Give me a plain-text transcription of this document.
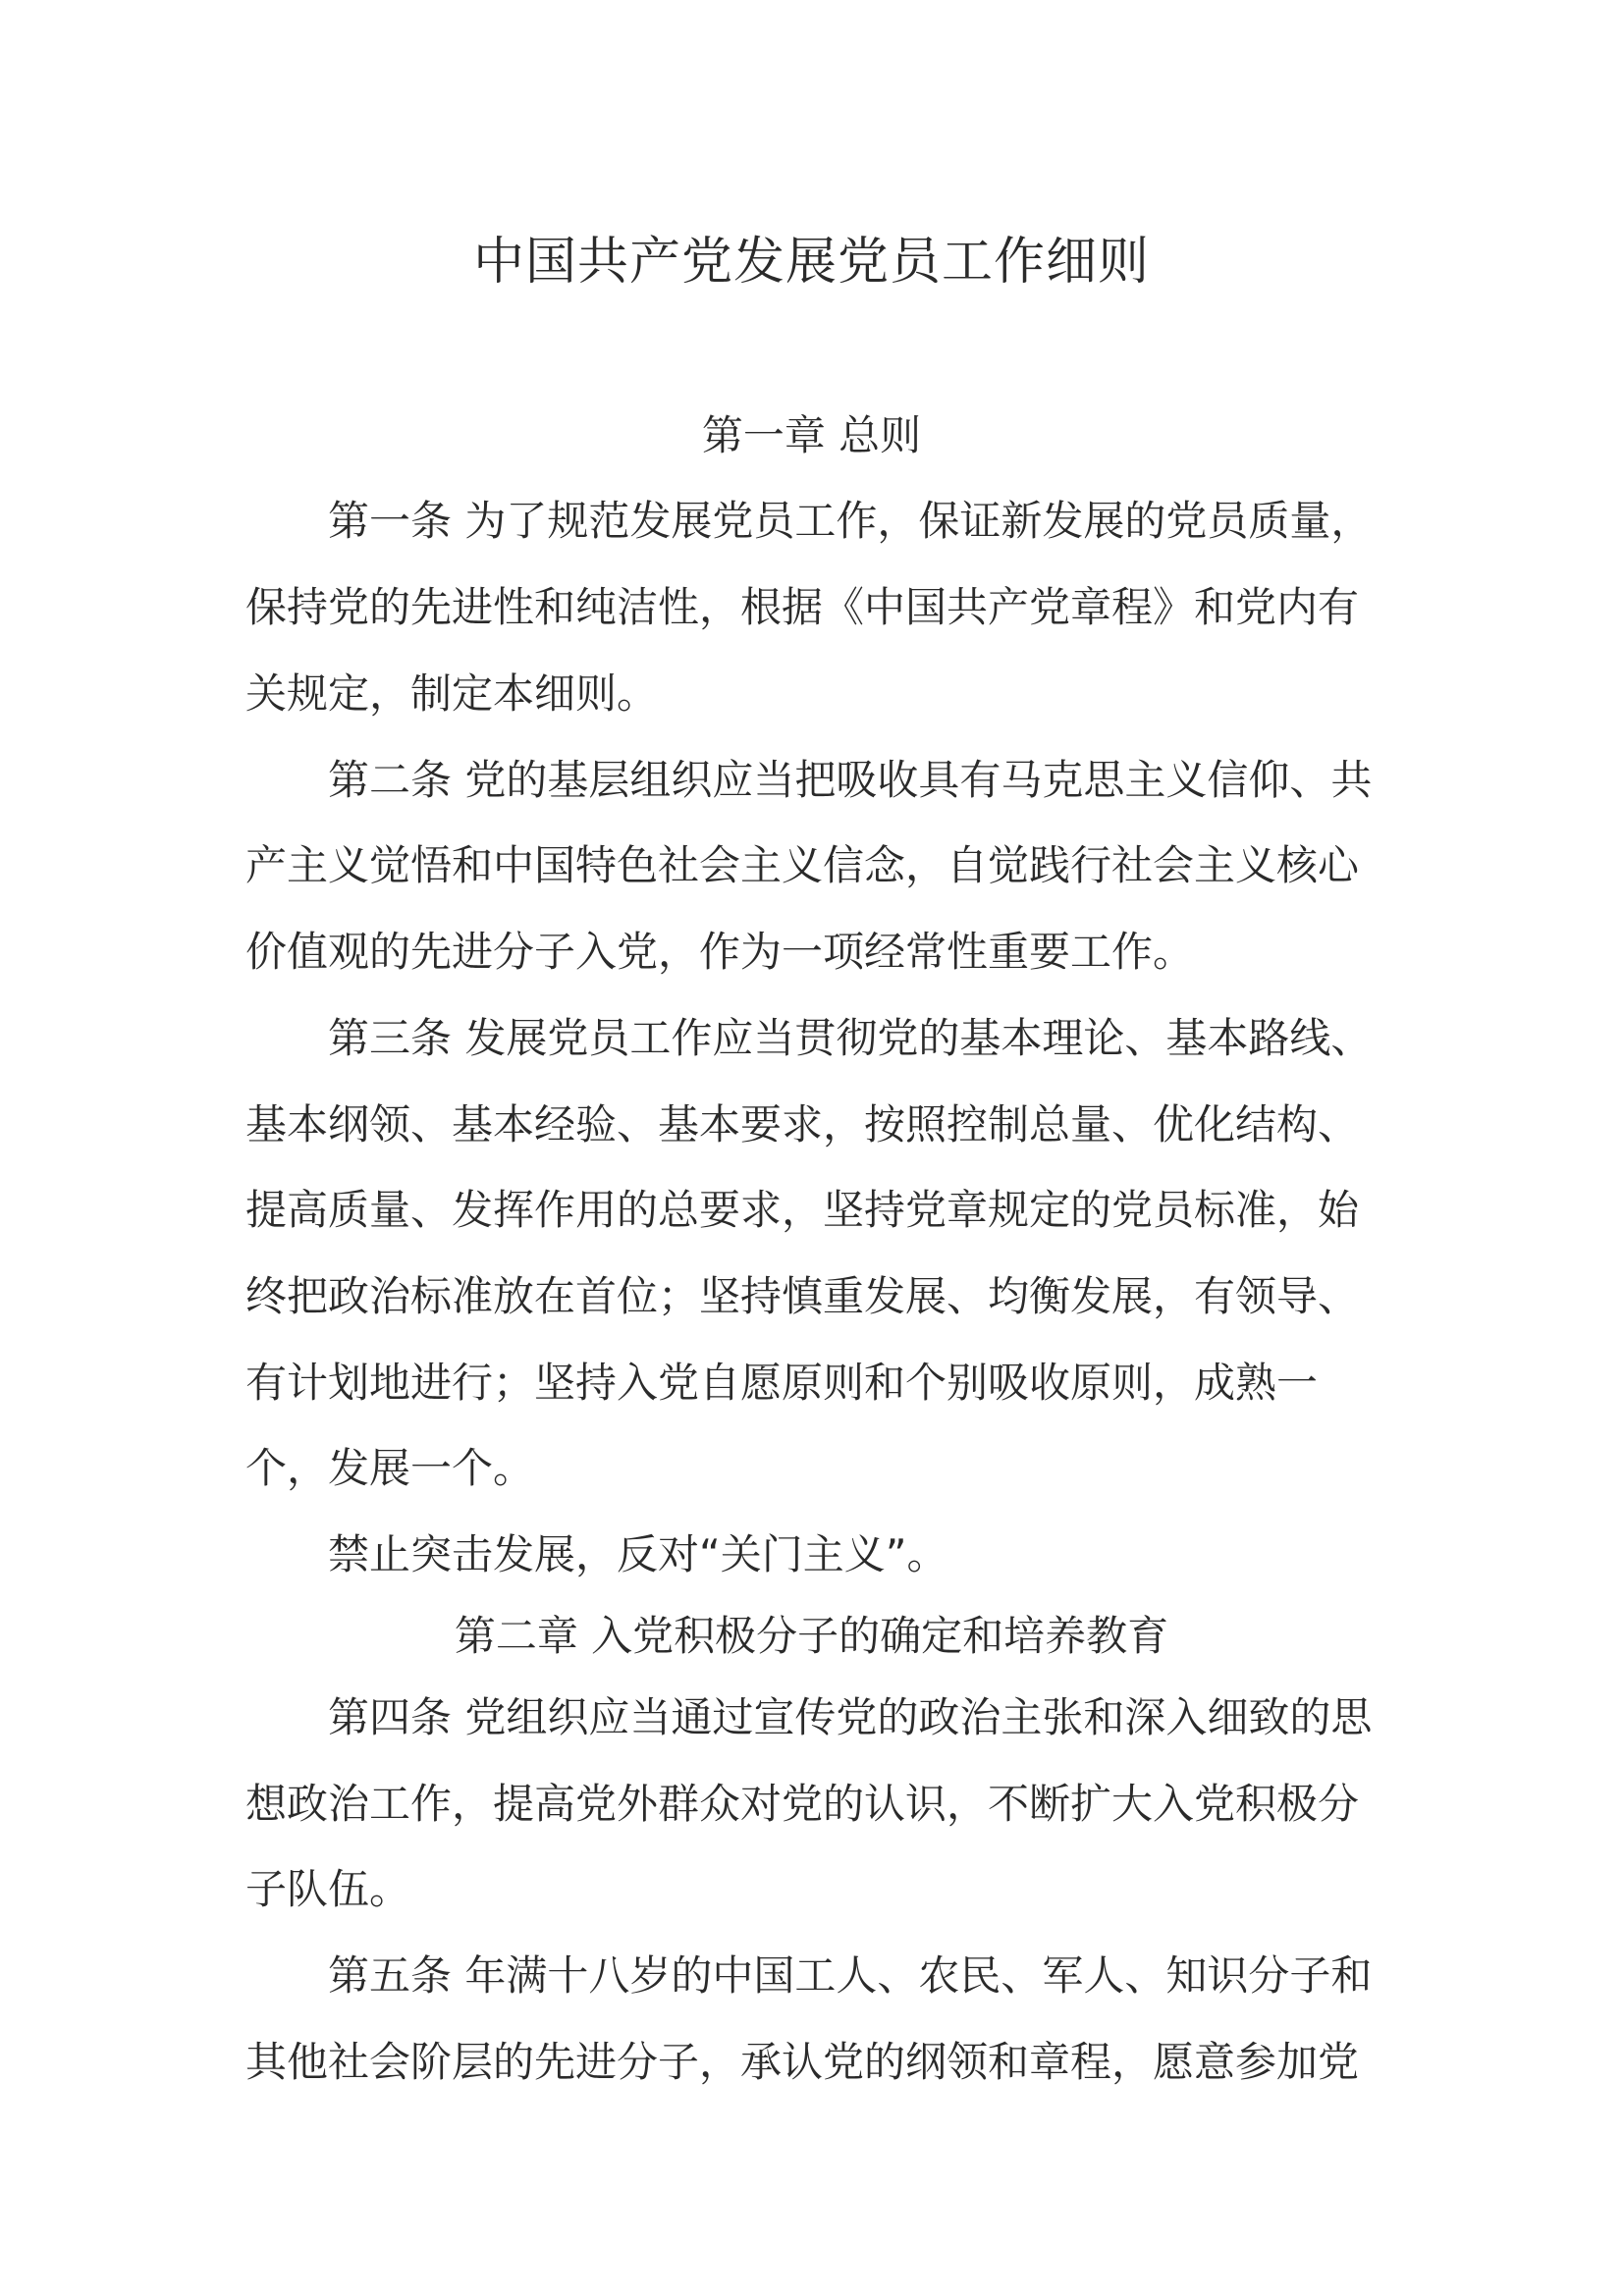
中国共产党发展党员工作细则
第一章 总则
第一条 为了规范发展党员工作，保证新发展的党员质量，
保持党的先进性和纯洁性，根据《中国共产党章程》和党内有
关规定，制定本细则。
第二条 党的基层组织应当把吸收具有马克思主义信仰、共
产主义觉悟和中国特色社会主义信念，自觉践行社会主义核心
价值观的先进分子入党，作为一项经常性重要工作。
第三条 发展党员工作应当贯彻党的基本理论、基本路线、
基本纲领、基本经验、基本要求，按照控制总量、优化结构、
提高质量、发挥作用的总要求，坚持党章规定的党员标准，始
终把政治标准放在首位；坚持慎重发展、均衡发展，有领导、
有计划地进行；坚持入党自愿原则和个别吸收原则，成熟一
个，发展一个。
禁止突击发展，反对“关门主义”。
第二章 入党积极分子的确定和培养教育
第四条 党组织应当通过宣传党的政治主张和深入细致的思
想政治工作，提高党外群众对党的认识，不断扩大入党积极分
子队伍。
第五条 年满十八岁的中国工人、农民、军人、知识分子和
其他社会阶层的先进分子，承认党的纲领和章程，愿意参加党
